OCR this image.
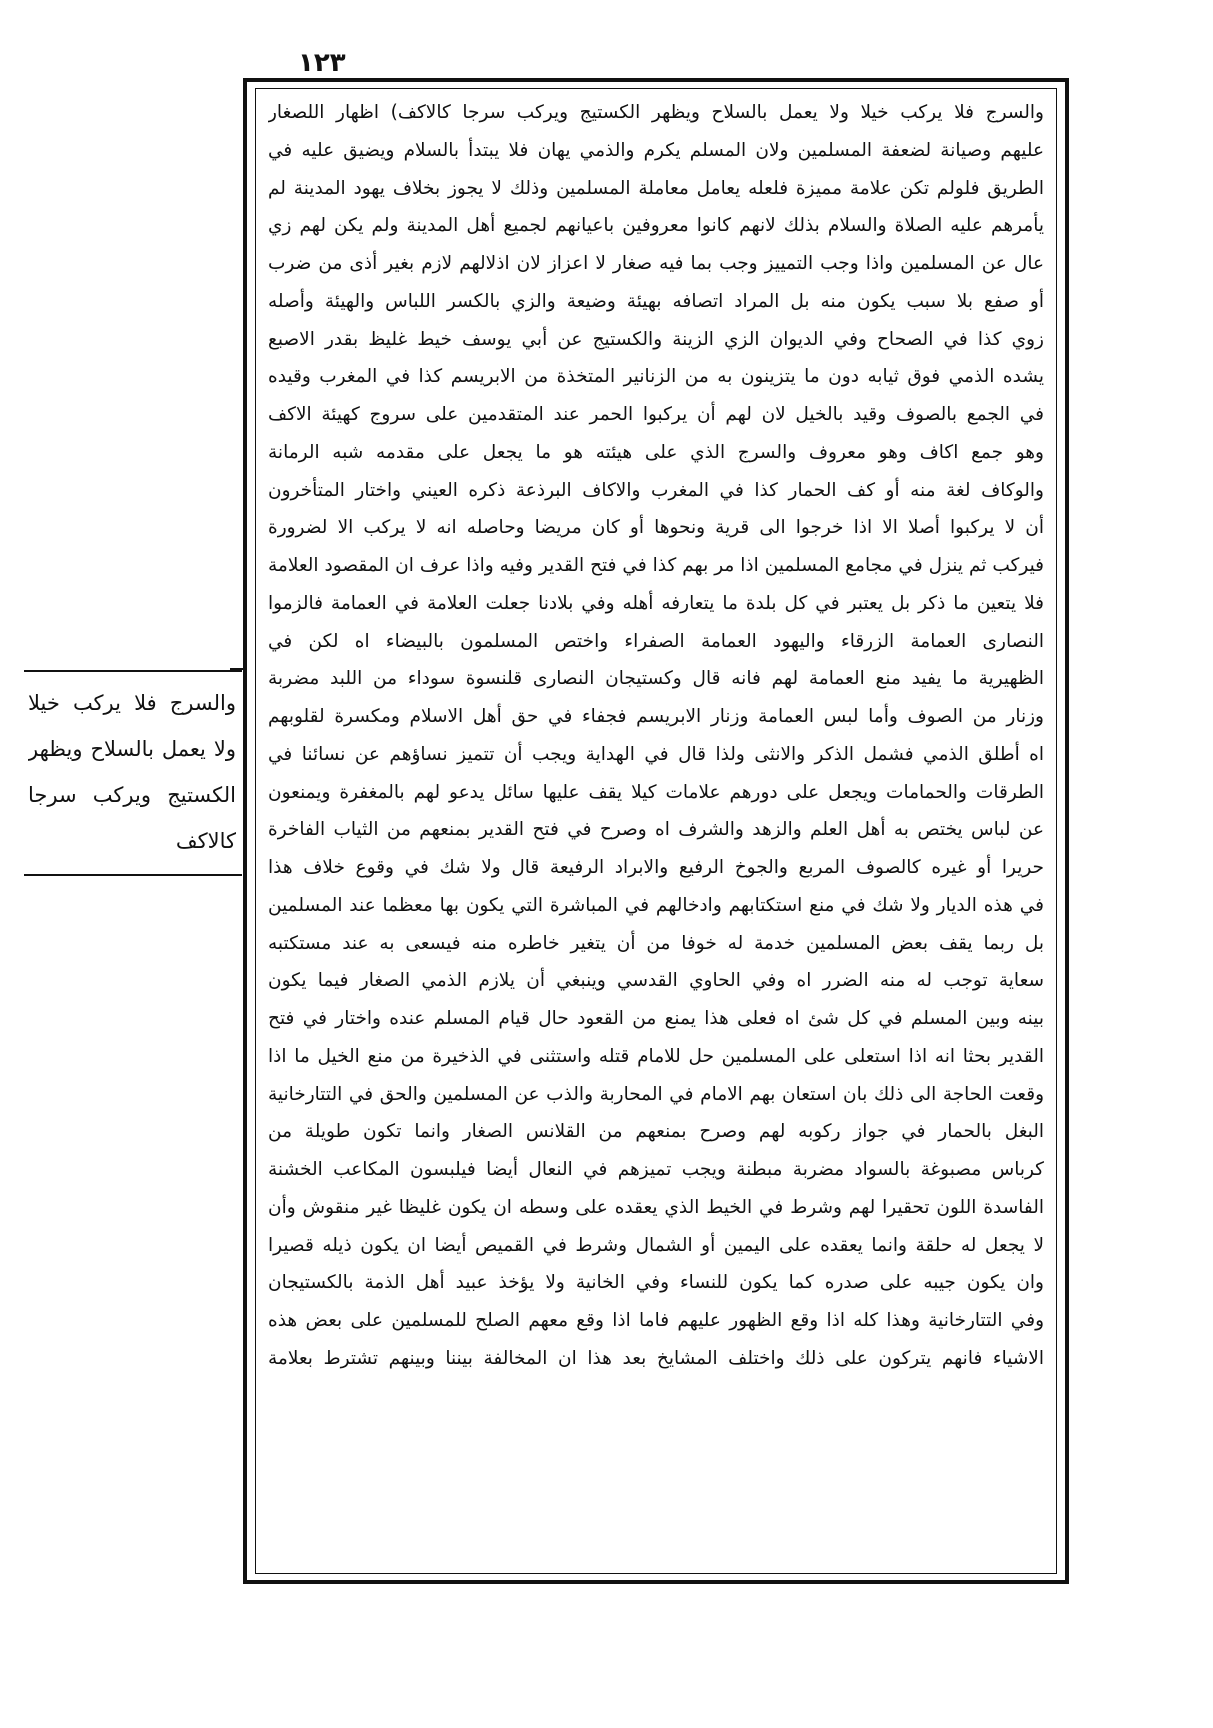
١٢٣
والسرج فلا يركب خيلا ولا يعمل بالسلاح ويظهر الكستيج ويركب سرجا كالاكف) اظهار اللصغار
عليهم وصيانة لضعفة المسلمين ولان المسلم يكرم والذمي يهان فلا يبتدأ بالسلام ويضيق عليه في
الطريق فلولم تكن علامة مميزة فلعله يعامل معاملة المسلمين وذلك لا يجوز بخلاف يهود المدينة لم
يأمرهم عليه الصلاة والسلام بذلك لانهم كانوا معروفين باعيانهم لجميع أهل المدينة ولم يكن لهم زي
عال عن المسلمين واذا وجب التمييز وجب بما فيه صغار لا اعزاز لان اذلالهم لازم بغير أذى من ضرب
أو صفع بلا سبب يكون منه بل المراد اتصافه بهيئة وضيعة والزي بالكسر اللباس والهيئة وأصله
زوي كذا في الصحاح وفي الديوان الزي الزينة والكستيج عن أبي يوسف خيط غليظ بقدر الاصبع
يشده الذمي فوق ثيابه دون ما يتزينون به من الزنانير المتخذة من الابريسم كذا في المغرب وقيده
في الجمع بالصوف وقيد بالخيل لان لهم أن يركبوا الحمر عند المتقدمين على سروج كهيئة الاكف
وهو جمع اكاف وهو معروف والسرج الذي على هيئته هو ما يجعل على مقدمه شبه الرمانة
والوكاف لغة منه أو كف الحمار كذا في المغرب والاكاف البرذعة ذكره العيني واختار المتأخرون
أن لا يركبوا أصلا الا اذا خرجوا الى قرية ونحوها أو كان مريضا وحاصله انه لا يركب الا لضرورة
فيركب ثم ينزل في مجامع المسلمين اذا مر بهم كذا في فتح القدير وفيه واذا عرف ان المقصود العلامة
فلا يتعين ما ذكر بل يعتبر في كل بلدة ما يتعارفه أهله وفي بلادنا جعلت العلامة في العمامة فالزموا
النصارى العمامة الزرقاء واليهود العمامة الصفراء واختص المسلمون بالبيضاء اه لكن في
الظهيرية ما يفيد منع العمامة لهم فانه قال وكستيجان النصارى قلنسوة سوداء من اللبد مضربة
وزنار من الصوف وأما لبس العمامة وزنار الابريسم فجفاء في حق أهل الاسلام ومكسرة لقلوبهم
اه أطلق الذمي فشمل الذكر والانثى ولذا قال في الهداية ويجب أن تتميز نساؤهم عن نسائنا في
الطرقات والحمامات ويجعل على دورهم علامات كيلا يقف عليها سائل يدعو لهم بالمغفرة ويمنعون
عن لباس يختص به أهل العلم والزهد والشرف اه وصرح في فتح القدير بمنعهم من الثياب الفاخرة
حريرا أو غيره كالصوف المربع والجوخ الرفيع والابراد الرفيعة قال ولا شك في وقوع خلاف هذا
في هذه الديار ولا شك في منع استكتابهم وادخالهم في المباشرة التي يكون بها معظما عند المسلمين
بل ربما يقف بعض المسلمين خدمة له خوفا من أن يتغير خاطره منه فيسعى به عند مستكتبه
سعاية توجب له منه الضرر اه وفي الحاوي القدسي وينبغي أن يلازم الذمي الصغار فيما يكون
بينه وبين المسلم في كل شئ اه فعلى هذا يمنع من القعود حال قيام المسلم عنده واختار في فتح
القدير بحثا انه اذا استعلى على المسلمين حل للامام قتله واستثنى في الذخيرة من منع الخيل ما اذا
وقعت الحاجة الى ذلك بان استعان بهم الامام في المحاربة والذب عن المسلمين والحق في التتارخانية
البغل بالحمار في جواز ركوبه لهم وصرح بمنعهم من القلانس الصغار وانما تكون طويلة من
كرباس مصبوغة بالسواد مضربة مبطنة ويجب تميزهم في النعال أيضا فيلبسون المكاعب الخشنة
الفاسدة اللون تحقيرا لهم وشرط في الخيط الذي يعقده على وسطه ان يكون غليظا غير منقوش وأن
لا يجعل له حلقة وانما يعقده على اليمين أو الشمال وشرط في القميص أيضا ان يكون ذيله قصيرا
وان يكون جيبه على صدره كما يكون للنساء وفي الخانية ولا يؤخذ عبيد أهل الذمة بالكستيجان
وفي التتارخانية وهذا كله اذا وقع الظهور عليهم فاما اذا وقع معهم الصلح للمسلمين على بعض هذه
الاشياء فانهم يتركون على ذلك واختلف المشايخ بعد هذا ان المخالفة بيننا وبينهم تشترط بعلامة
والسرج فلا يركب خيلا
ولا يعمل بالسلاح ويظهر
الكستيج ويركب سرجا
كالاكف
